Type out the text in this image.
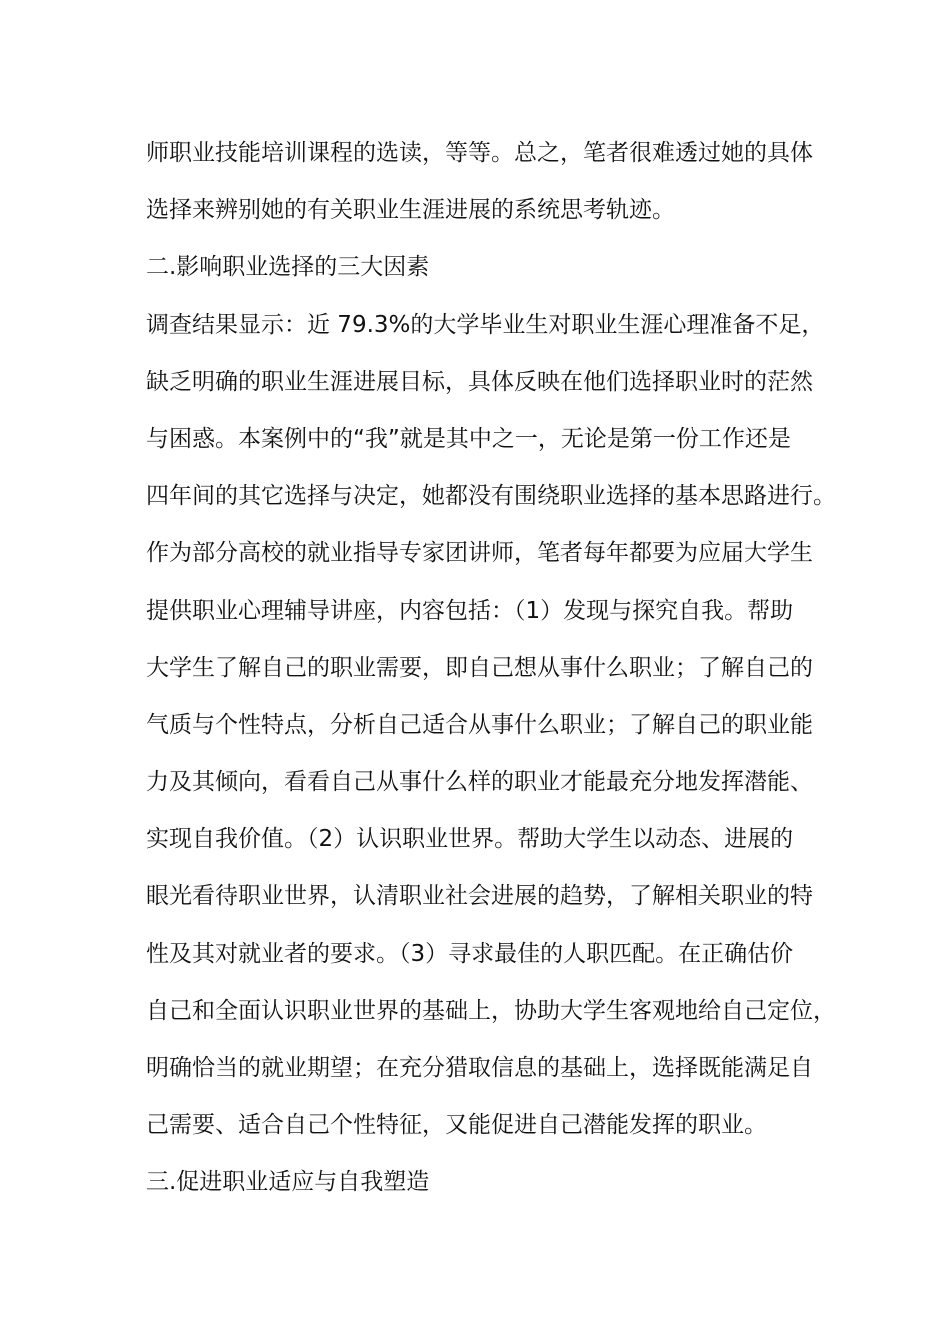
师职业技能培训课程的选读，等等。总之，笔者很难透过她的具体
选择来辨别她的有关职业生涯进展的系统思考轨迹。
二.影响职业选择的三大因素
调查结果显示：近 79.3%的大学毕业生对职业生涯心理准备不足，
缺乏明确的职业生涯进展目标，具体反映在他们选择职业时的茫然
与困惑。本案例中的“我”就是其中之一，无论是第一份工作还是
四年间的其它选择与决定，她都没有围绕职业选择的基本思路进行。
作为部分高校的就业指导专家团讲师，笔者每年都要为应届大学生
提供职业心理辅导讲座，内容包括：（1）发现与探究自我。帮助
大学生了解自己的职业需要，即自己想从事什么职业；了解自己的
气质与个性特点，分析自己适合从事什么职业；了解自己的职业能
力及其倾向，看看自己从事什么样的职业才能最充分地发挥潜能、
实现自我价值。（2）认识职业世界。帮助大学生以动态、进展的
眼光看待职业世界，认清职业社会进展的趋势，了解相关职业的特
性及其对就业者的要求。（3）寻求最佳的人职匹配。在正确估价
自己和全面认识职业世界的基础上，协助大学生客观地给自己定位，
明确恰当的就业期望；在充分猎取信息的基础上，选择既能满足自
己需要、适合自己个性特征，又能促进自己潜能发挥的职业。
三.促进职业适应与自我塑造
